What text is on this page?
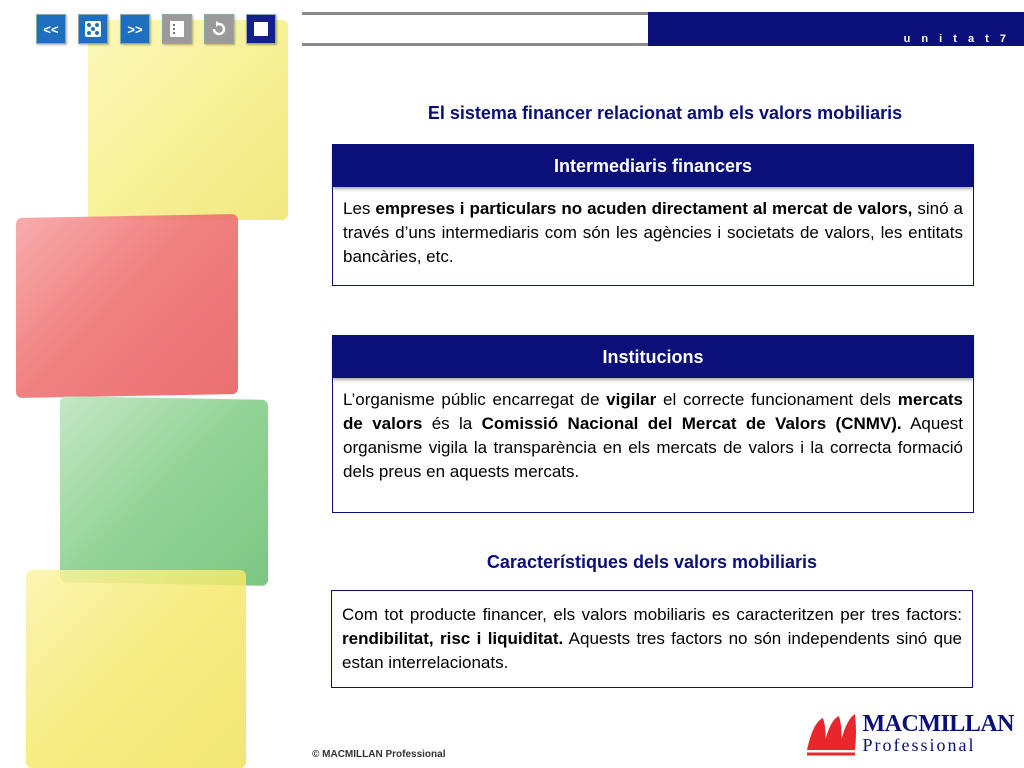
<<	>>
u n i t a t 7
El sistema financer relacionat amb els valors mobiliaris
Intermediaris financers
Les empreses i particulars no acuden directament al mercat de valors, sinó a través d’uns intermediaris com són les agències i societats de valors, les entitats bancàries, etc.
Institucions
L’organisme públic encarregat de vigilar el correcte funcionament dels mercats de valors és la Comissió Nacional del Mercat de Valors (CNMV). Aquest organisme vigila la transparència en els mercats de valors i la correcta formació dels preus en aquests mercats.
Característiques dels valors mobiliaris
Com tot producte financer, els valors mobiliaris es caracteritzen per tres factors: rendibilitat, risc i liquiditat. Aquests tres factors no són independents sinó que estan interrelacionats.
© MACMILLAN Professional
MACMILLAN
Professional
